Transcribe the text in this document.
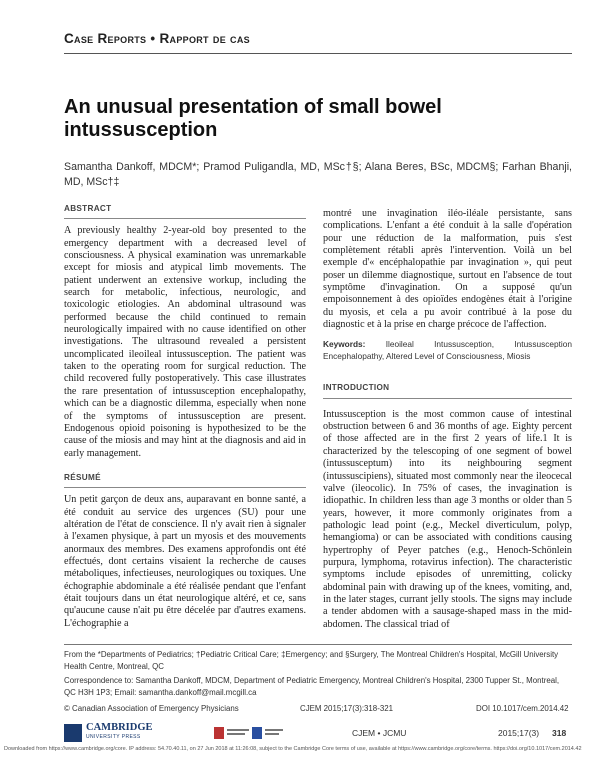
Case Reports • Rapport de cas
An unusual presentation of small bowel intussusception
Samantha Dankoff, MDCM*; Pramod Puligandla, MD, MSc†§; Alana Beres, BSc, MDCM§; Farhan Bhanji, MD, MSc†‡
ABSTRACT

A previously healthy 2-year-old boy presented to the emergency department with a decreased level of consciousness. A physical examination was unremarkable except for miosis and atypical limb movements. The patient underwent an extensive workup, including the search for metabolic, infectious, neurologic, and toxicologic etiologies. An abdominal ultrasound was performed because the child continued to remain neurologically impaired with no cause identified on other investigations. The ultrasound revealed a persistent uncomplicated ileoileal intussusception. The patient was taken to the operating room for surgical reduction. The child recovered fully postoperatively. This case illustrates the rare presentation of intussusception encephalopathy, which can be a diagnostic dilemma, especially when none of the symptoms of intussusception are present. Endogenous opioid poisoning is hypothesized to be the cause of the miosis and may hint at the diagnosis and aid in early management.

RÉSUMÉ

Un petit garçon de deux ans, auparavant en bonne santé, a été conduit au service des urgences (SU) pour une altération de l'état de conscience. Il n'y avait rien à signaler à l'examen physique, à part un myosis et des mouvements anormaux des membres. Des examens approfondis ont été effectués, dont certains visaient la recherche de causes métaboliques, infectieuses, neurologiques ou toxiques. Une échographie abdominale a été réalisée pendant que l'enfant était toujours dans un état neurologique altéré, et ce, sans qu'aucune cause n'ait pu être décelée par d'autres examens. L'échographie a

montré une invagination iléo-iléale persistante, sans complications. L'enfant a été conduit à la salle d'opération pour une réduction de la malformation, puis s'est complètement rétabli après l'intervention. Voilà un bel exemple d'« encéphalopathie par invagination », qui peut poser un dilemme diagnostique, surtout en l'absence de tout symptôme d'invagination. On a supposé qu'un empoisonnement à des opioïdes endogènes était à l'origine du myosis, et cela a pu avoir contribué à la pose du diagnostic et à la prise en charge précoce de l'affection.

Keywords: Ileoileal Intussusception, Intussusception Encephalopathy, Altered Level of Consciousness, Miosis
INTRODUCTION

Intussusception is the most common cause of intestinal obstruction between 6 and 36 months of age. Eighty percent of those affected are in the first 2 years of life.1 It is characterized by the telescoping of one segment of bowel (intussusceptum) into its neighbouring segment (intussuscipiens), situated most commonly near the ileocecal valve (ileocolic). In 75% of cases, the invagination is idiopathic. In children less than age 3 months or older than 5 years, however, it more commonly originates from a pathologic lead point (e.g., Meckel diverticulum, polyp, hemangioma) or can be associated with conditions causing hypertrophy of Peyer patches (e.g., Henoch-Schönlein purpura, lymphoma, rotavirus infection). The characteristic symptoms include episodes of unremitting, colicky abdominal pain with drawing up of the knees, vomiting, and, in the later stages, currant jelly stools. The signs may include a tender abdomen with a sausage-shaped mass in the mid-abdomen. The classical triad of

From the *Departments of Pediatrics; †Pediatric Critical Care; ‡Emergency; and §Surgery, The Montreal Children's Hospital, McGill University Health Centre, Montreal, QC
Correspondence to: Samantha Dankoff, MDCM, Department of Pediatric Emergency, Montreal Children's Hospital, 2300 Tupper St., Montreal, QC H3H 1P3; Email: samantha.dankoff@mail.mcgill.ca
© Canadian Association of Emergency Physicians	CJEM 2015;17(3):318-321	DOI 10.1017/cem.2014.42
CAMBRIDGE
UNIVERSITY PRESS	CJEM • JCMU	2015;17(3) 318
Downloaded from https://www.cambridge.org/core. IP address: 54.70.40.11, on 27 Jun 2018 at 11:26:08, subject to the Cambridge Core terms of use, available at https://www.cambridge.org/core/terms. https://doi.org/10.1017/cem.2014.42
